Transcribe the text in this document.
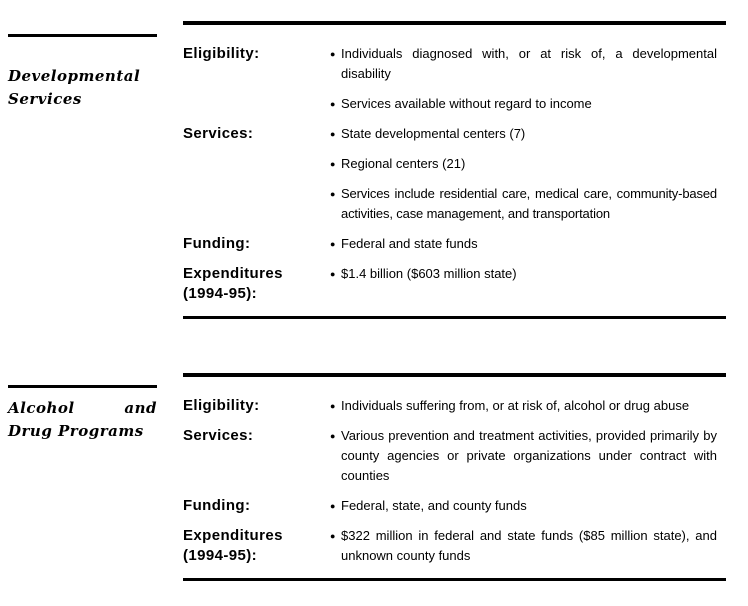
Developmental Services
Eligibility:	● Individuals diagnosed with, or at risk of, a developmental disability
● Services available without regard to income
Services:	● State developmental centers (7)
● Regional centers (21)
● Services include residential care, medical care, community-based activities, case management, and transportation
Funding:	● Federal and state funds
Expenditures (1994-95):
● $1.4 billion ($603 million state)
Alcohol and Drug Programs
Eligibility:	● Individuals suffering from, or at risk of, alcohol or drug abuse
Services:	● Various prevention and treatment activities, provided primarily by county agencies or private organizations under contract with counties
Funding:	● Federal, state, and county funds
Expenditures (1994-95):
● $322 million in federal and state funds ($85 million state), and unknown county funds
